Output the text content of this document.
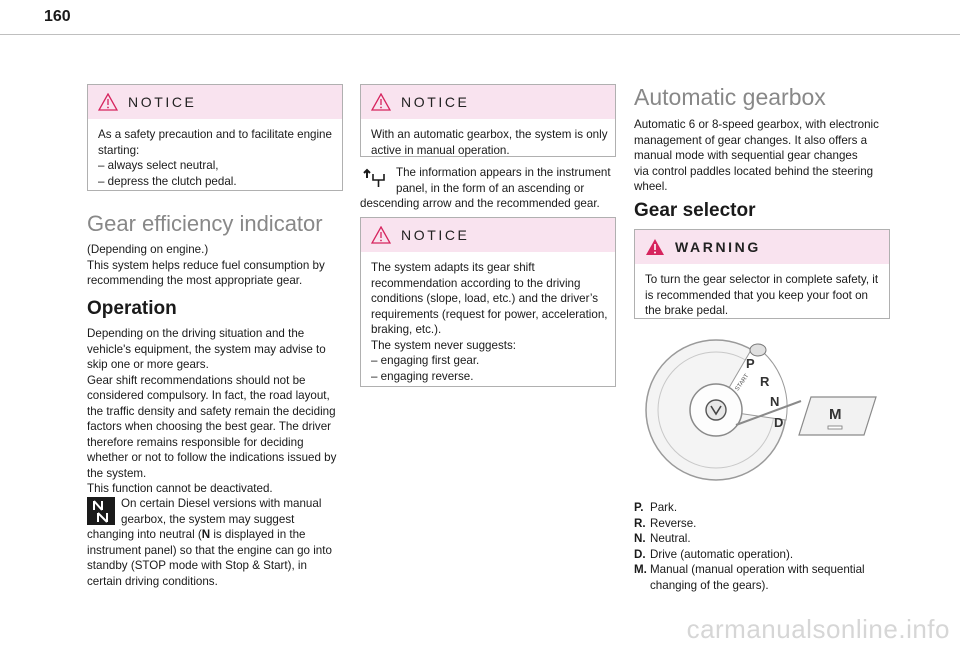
160
NOTICE
As a safety precaution and to facilitate engine
starting:
– always select neutral,
– depress the clutch pedal.
Gear efficiency indicator
(Depending on engine.)
This system helps reduce fuel consumption by
recommending the most appropriate gear.
Operation
Depending on the driving situation and the
vehicle's equipment, the system may advise to
skip one or more gears.
Gear shift recommendations should not be
considered compulsory. In fact, the road layout,
the traffic density and safety remain the deciding
factors when choosing the best gear. The driver
therefore remains responsible for deciding
whether or not to follow the indications issued by
the system.
This function cannot be deactivated.
On certain Diesel versions with manual
gearbox, the system may suggest
changing into neutral (N is displayed in the
instrument panel) so that the engine can go into
standby (STOP mode with Stop & Start), in
certain driving conditions.
NOTICE
With an automatic gearbox, the system is only
active in manual operation.
The information appears in the instrument
panel, in the form of an ascending or
descending arrow and the recommended gear.
NOTICE
The system adapts its gear shift
recommendation according to the driving
conditions (slope, load, etc.) and the driver’s
requirements (request for power, acceleration,
braking, etc.).
The system never suggests:
– engaging first gear.
– engaging reverse.
Automatic gearbox
Automatic 6 or 8-speed gearbox, with electronic
management of gear changes. It also offers a
manual mode with sequential gear changes
via control paddles located behind the steering
wheel.
Gear selector
WARNING
To turn the gear selector in complete safety, it
is recommended that you keep your foot on
the brake pedal.
P
R
N
D
START
M
P. Park.
R. Reverse.
N. Neutral.
D. Drive (automatic operation).
M. Manual (manual operation with sequential
changing of the gears).
carmanualsonline.info
